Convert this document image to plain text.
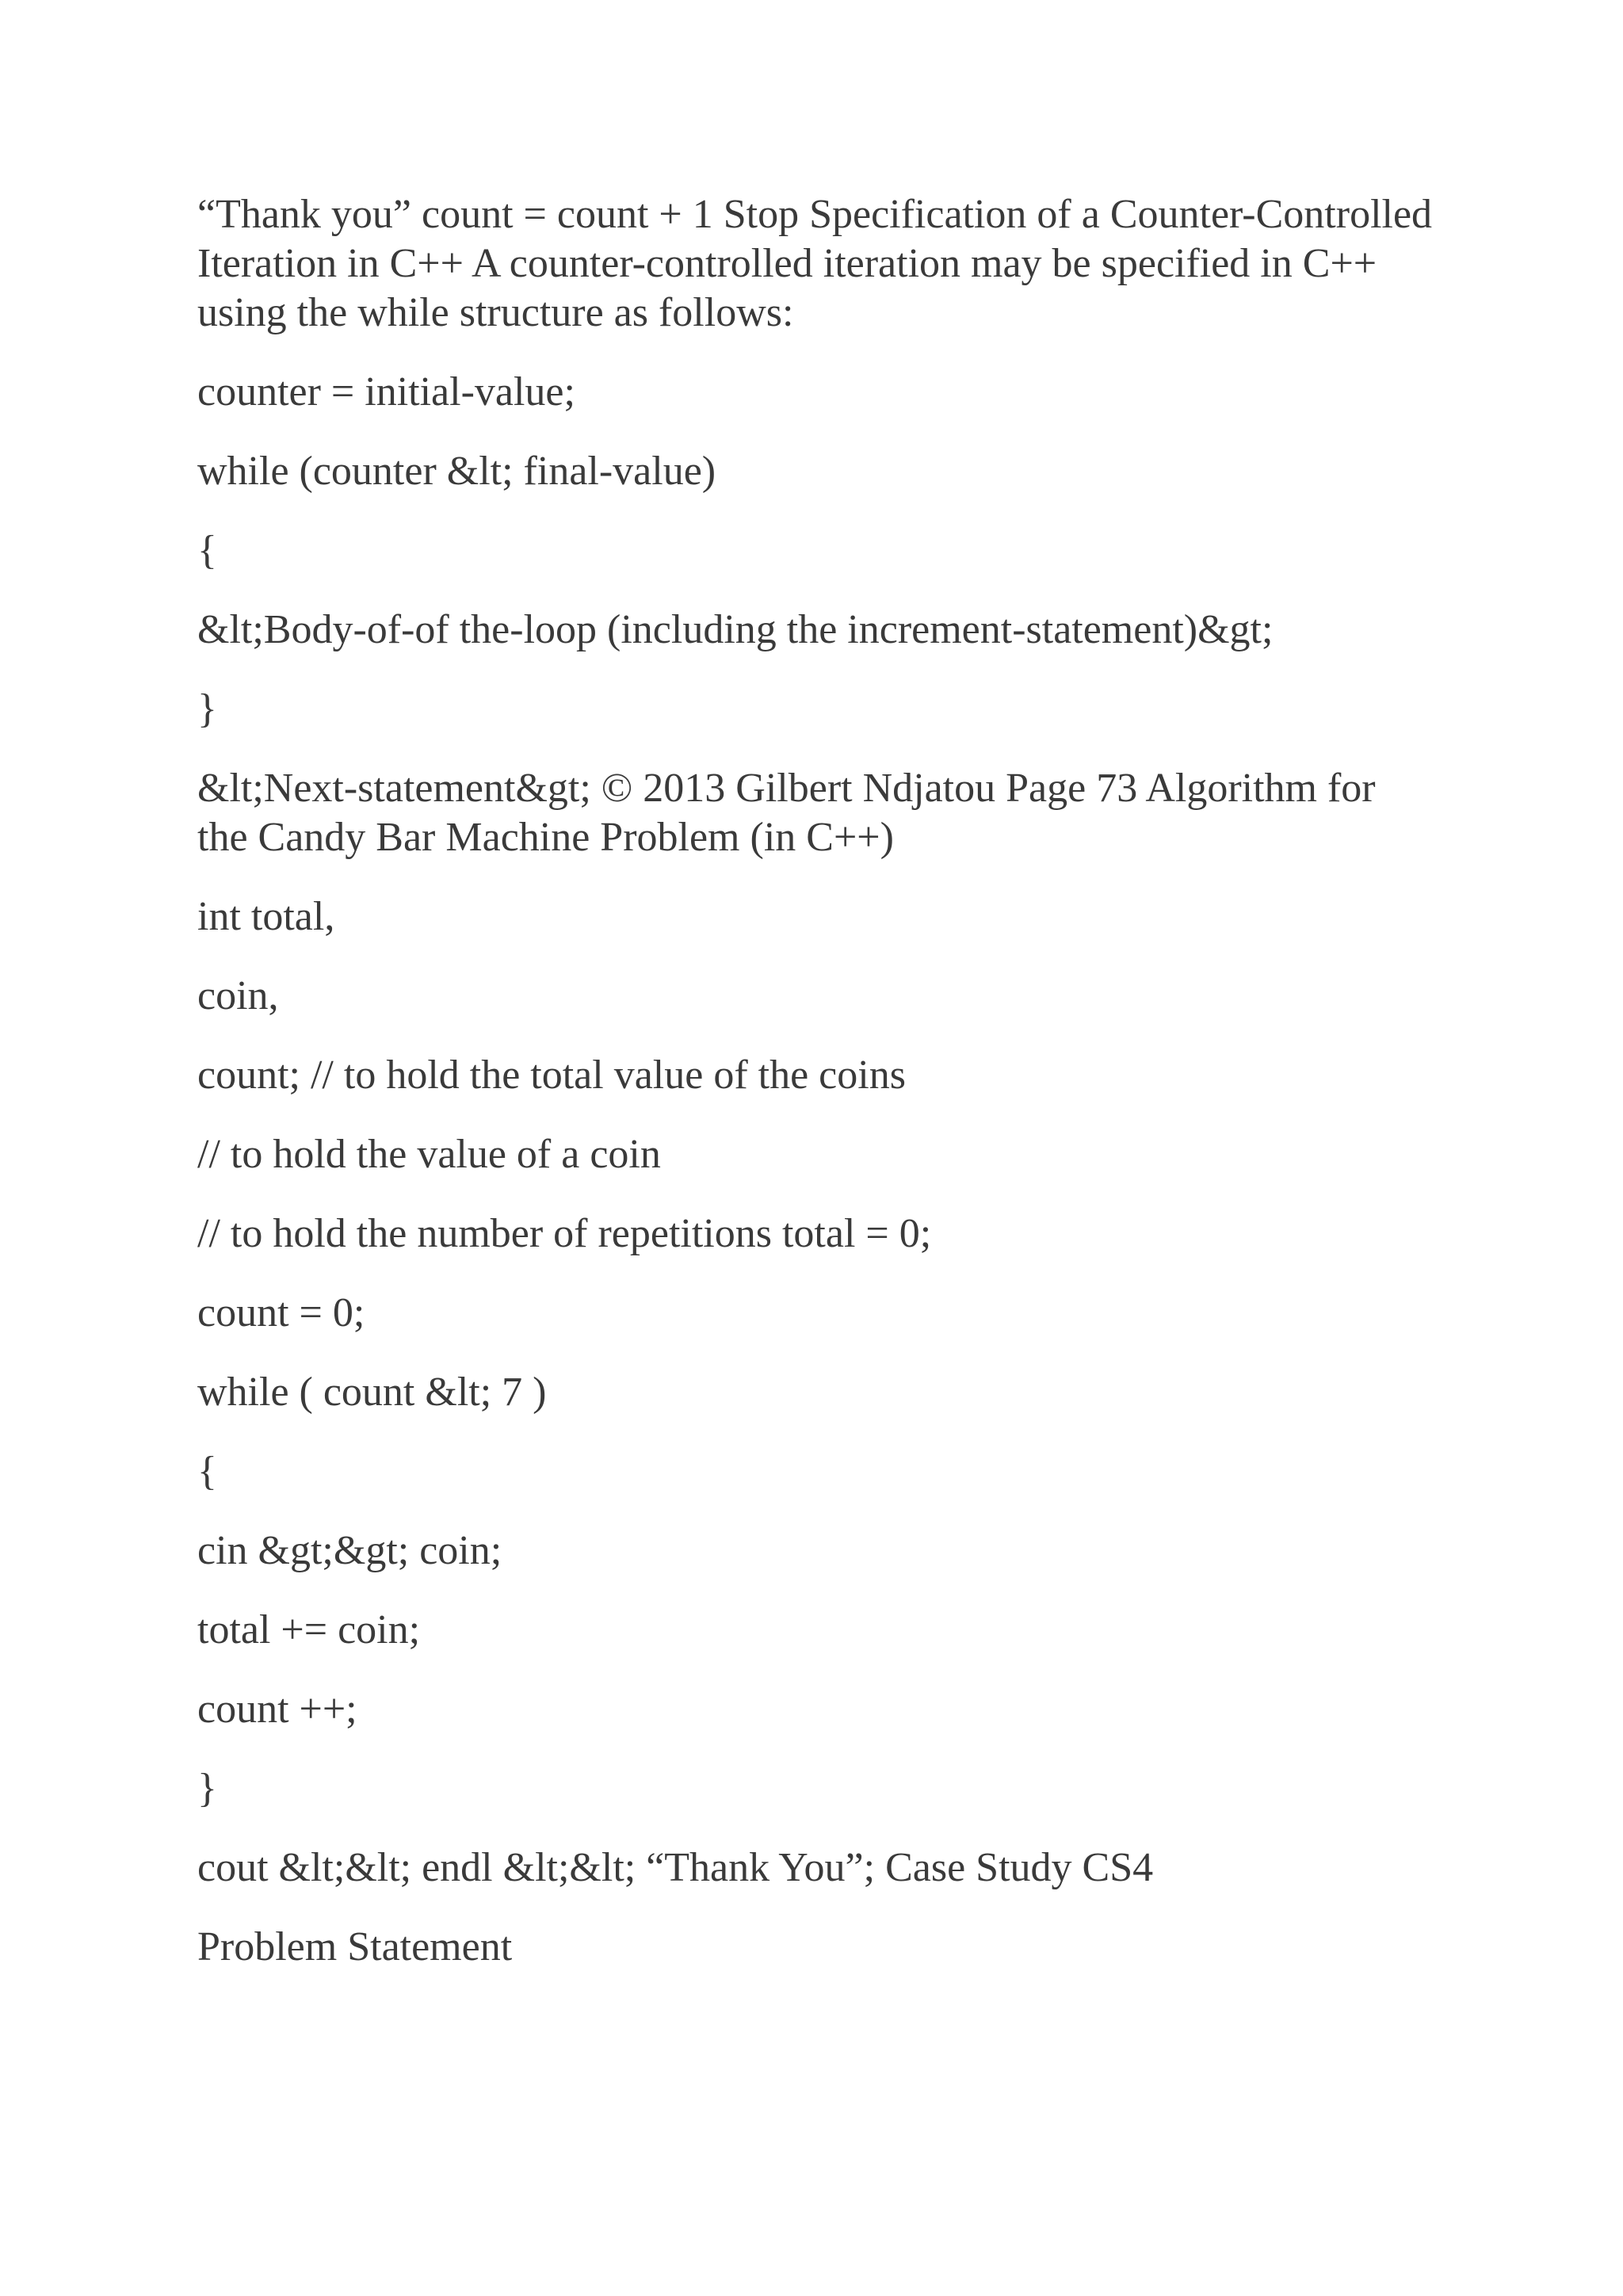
“Thank you” count = count + 1 Stop Specification of a Counter-Controlled Iteration in C++ A counter-controlled iteration may be specified in C++ using the while structure as follows:

counter = initial-value;

while (counter &lt; final-value)

{

&lt;Body-of-of the-loop (including the increment-statement)&gt;

}

&lt;Next-statement&gt; © 2013 Gilbert Ndjatou Page 73 Algorithm for the Candy Bar Machine Problem (in C++)

int total,

coin,

count; // to hold the total value of the coins

// to hold the value of a coin

// to hold the number of repetitions total = 0;

count = 0;

while ( count &lt; 7 )

{

cin &gt;&gt; coin;

total += coin;

count ++;

}

cout &lt;&lt; endl &lt;&lt; “Thank You”; Case Study CS4

Problem Statement
